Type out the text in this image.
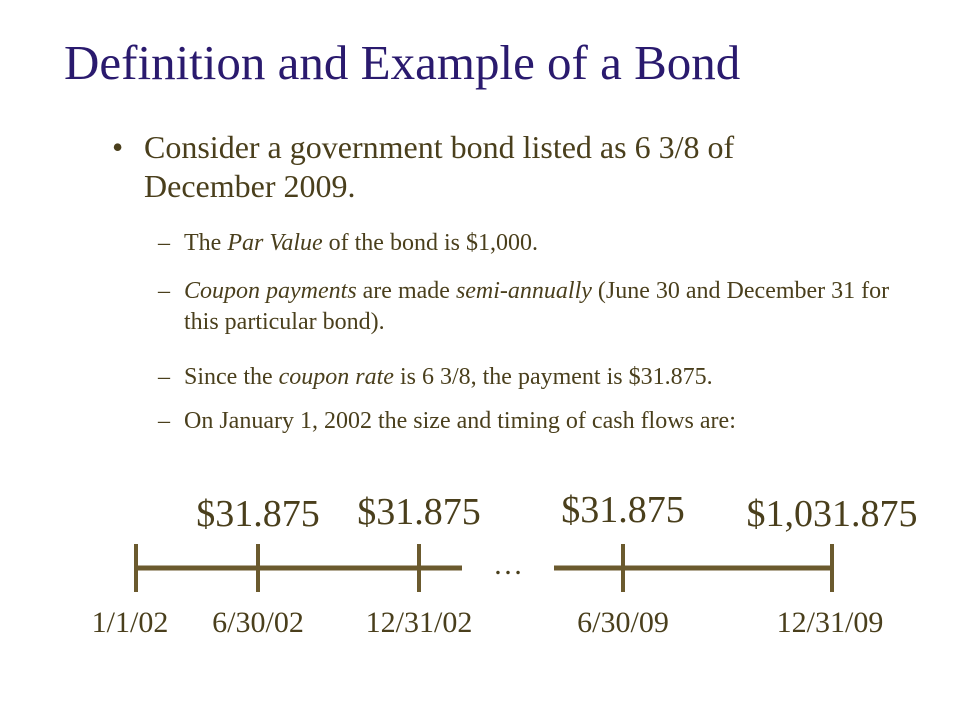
Definition and Example of a Bond
• Consider a government bond listed as 6 3/8 of December 2009.
– The Par Value of the bond is $1,000.
– Coupon payments are made semi-annually (June 30 and December 31 for this particular bond).
– Since the coupon rate is 6 3/8, the payment is $31.875.
– On January 1, 2002 the size and timing of cash flows are:
…
$31.875 $31.875 $31.875 $1,031.875
1/1/02 6/30/02 12/31/02	6/30/09	12/31/09
